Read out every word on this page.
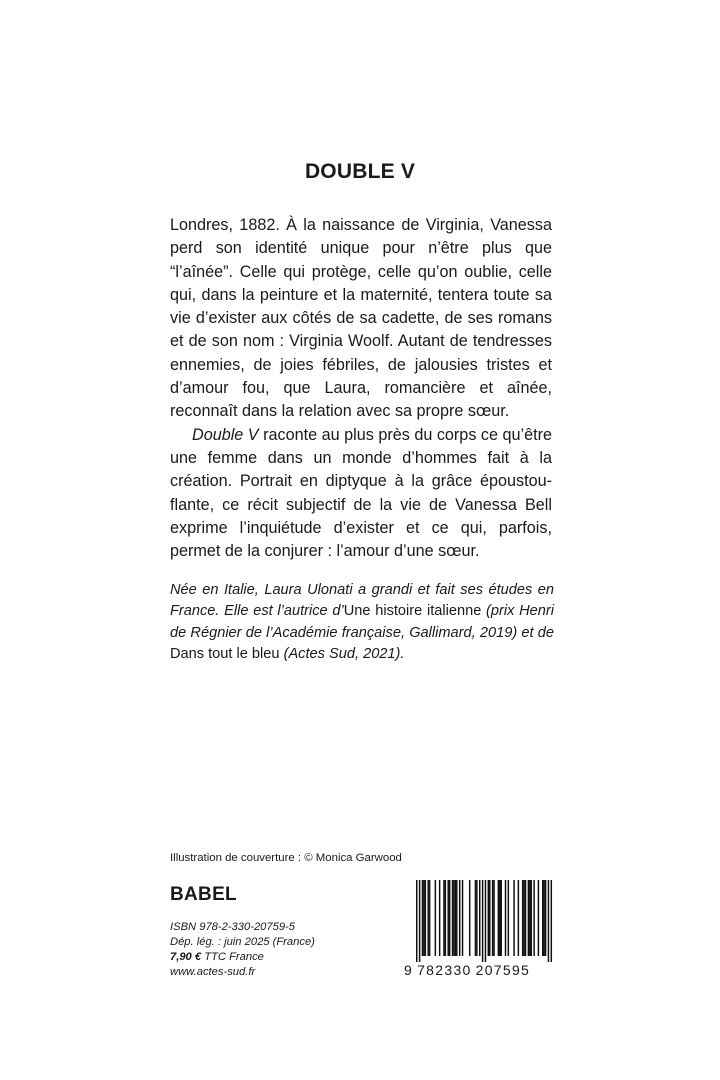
DOUBLE V

Londres, 1882. À la naissance de Virginia, Vanessa perd son identité unique pour n’être plus que “l’aînée”. Celle qui protège, celle qu’on oublie, celle qui, dans la peinture et la maternité, tentera toute sa vie d’exister aux côtés de sa cadette, de ses romans et de son nom : Virginia Woolf. Autant de tendresses ennemies, de joies fébriles, de jalousies tristes et d’amour fou, que Laura, romancière et aînée, reconnaît dans la relation avec sa propre sœur.

Double V raconte au plus près du corps ce qu’être une femme dans un monde d’hommes fait à la création. Portrait en diptyque à la grâce époustouflante, ce récit subjectif de la vie de Vanessa Bell exprime l’inquiétude d’exister et ce qui, parfois, permet de la conjurer : l’amour d’une sœur.

Née en Italie, Laura Ulonati a grandi et fait ses études en France. Elle est l’autrice d’Une histoire italienne (prix Henri de Régnier de l’Académie française, Gallimard, 2019) et de Dans tout le bleu (Actes Sud, 2021).
Illustration de couverture : © Monica Garwood
BABEL
ISBN 978-2-330-20759-5
Dép. lég. : juin 2025 (France)
7,90 € TTC France
www.actes-sud.fr	9 782330 207595
